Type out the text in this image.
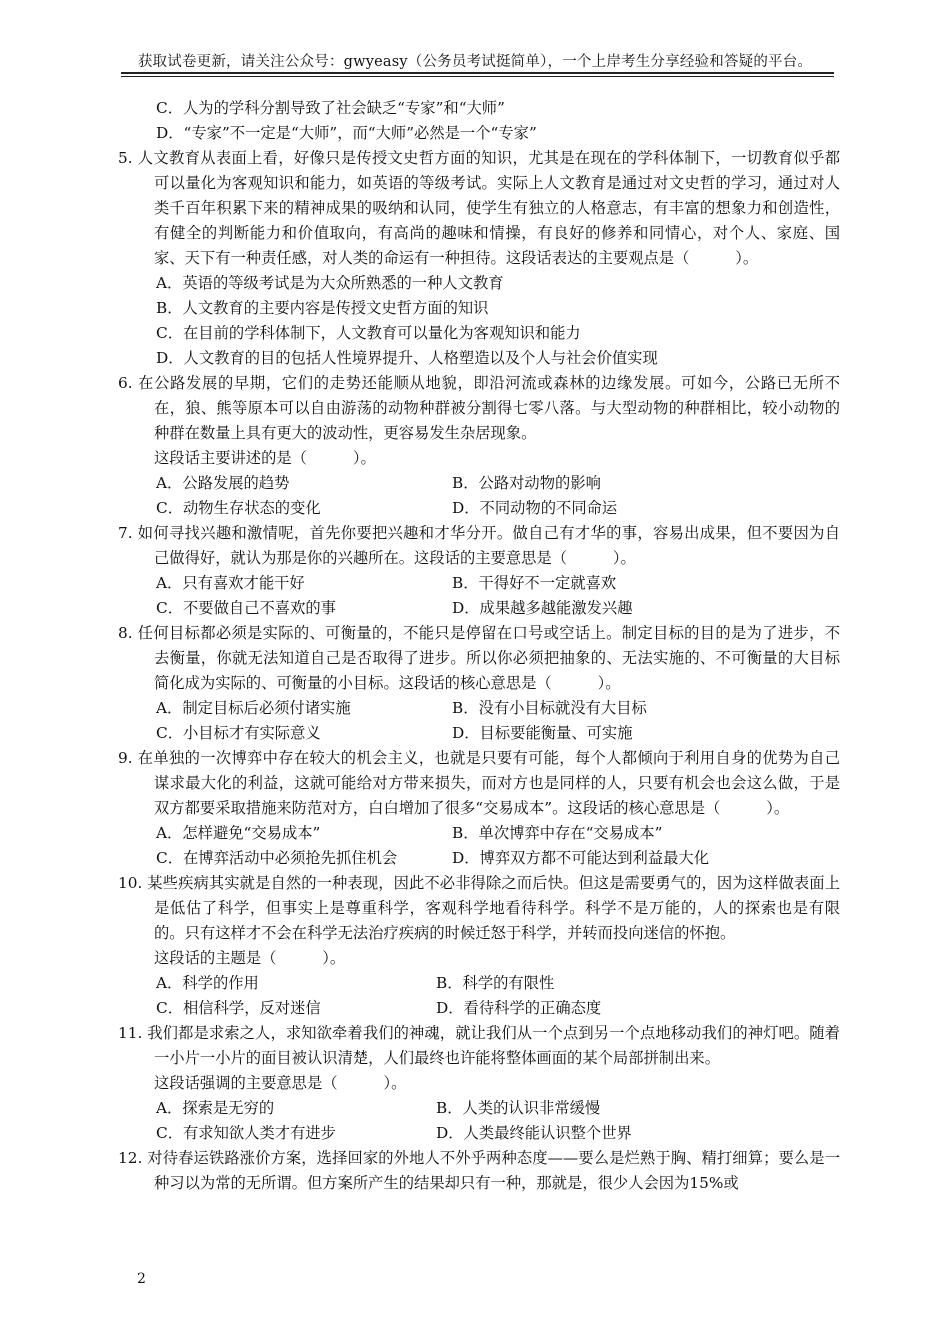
获取试卷更新，请关注公众号：gwyeasy（公务员考试挺简单），一个上岸考生分享经验和答疑的平台。
C．人为的学科分割导致了社会缺乏“专家”和“大师”
D．“专家”不一定是“大师”，而“大师”必然是一个“专家”
5. 人文教育从表面上看，好像只是传授文史哲方面的知识，尤其是在现在的学科体制下，一切教育似乎都可以量化为客观知识和能力，如英语的等级考试。实际上人文教育是通过对文史哲的学习，通过对人类千百年积累下来的精神成果的吸纳和认同，使学生有独立的人格意志，有丰富的想象力和创造性，有健全的判断能力和价值取向，有高尚的趣味和情操，有良好的修养和同情心，对个人、家庭、国家、天下有一种责任感，对人类的命运有一种担待。这段话表达的主要观点是（　　　）。
A．英语的等级考试是为大众所熟悉的一种人文教育
B．人文教育的主要内容是传授文史哲方面的知识
C．在目前的学科体制下，人文教育可以量化为客观知识和能力
D．人文教育的目的包括人性境界提升、人格塑造以及个人与社会价值实现
6. 在公路发展的早期，它们的走势还能顺从地貌，即沿河流或森林的边缘发展。可如今，公路已无所不在，狼、熊等原本可以自由游荡的动物种群被分割得七零八落。与大型动物的种群相比，较小动物的种群在数量上具有更大的波动性，更容易发生杂居现象。
这段话主要讲述的是（　　　）。
A．公路发展的趋势	B．公路对动物的影响
C．动物生存状态的变化	D．不同动物的不同命运
7. 如何寻找兴趣和激情呢，首先你要把兴趣和才华分开。做自己有才华的事，容易出成果，但不要因为自己做得好，就认为那是你的兴趣所在。这段话的主要意思是（　　　）。
A．只有喜欢才能干好	B．干得好不一定就喜欢
C．不要做自己不喜欢的事	D．成果越多越能激发兴趣
8. 任何目标都必须是实际的、可衡量的，不能只是停留在口号或空话上。制定目标的目的是为了进步，不去衡量，你就无法知道自己是否取得了进步。所以你必须把抽象的、无法实施的、不可衡量的大目标简化成为实际的、可衡量的小目标。这段话的核心意思是（　　　）。
A．制定目标后必须付诸实施	B．没有小目标就没有大目标
C．小目标才有实际意义	D．目标要能衡量、可实施
9. 在单独的一次博弈中存在较大的机会主义，也就是只要有可能，每个人都倾向于利用自身的优势为自己谋求最大化的利益，这就可能给对方带来损失，而对方也是同样的人，只要有机会也会这么做，于是双方都要采取措施来防范对方，白白增加了很多“交易成本”。这段话的核心意思是（　　　）。
A．怎样避免“交易成本”	B．单次博弈中存在“交易成本”
C．在博弈活动中必须抢先抓住机会	D．博弈双方都不可能达到利益最大化
10. 某些疾病其实就是自然的一种表现，因此不必非得除之而后快。但这是需要勇气的，因为这样做表面上是低估了科学，但事实上是尊重科学，客观科学地看待科学。科学不是万能的，人的探索也是有限的。只有这样才不会在科学无法治疗疾病的时候迁怒于科学，并转而投向迷信的怀抱。
这段话的主题是（　　　）。
A．科学的作用	B．科学的有限性
C．相信科学，反对迷信	D．看待科学的正确态度
11. 我们都是求索之人，求知欲牵着我们的神魂，就让我们从一个点到另一个点地移动我们的神灯吧。随着一小片一小片的面目被认识清楚，人们最终也许能将整体画面的某个局部拼制出来。
这段话强调的主要意思是（　　　）。
A．探索是无穷的	B．人类的认识非常缓慢
C．有求知欲人类才有进步	D．人类最终能认识整个世界
12. 对待春运铁路涨价方案，选择回家的外地人不外乎两种态度——要么是烂熟于胸、精打细算；要么是一种习以为常的无所谓。但方案所产生的结果却只有一种，那就是，很少人会因为15%或
2
